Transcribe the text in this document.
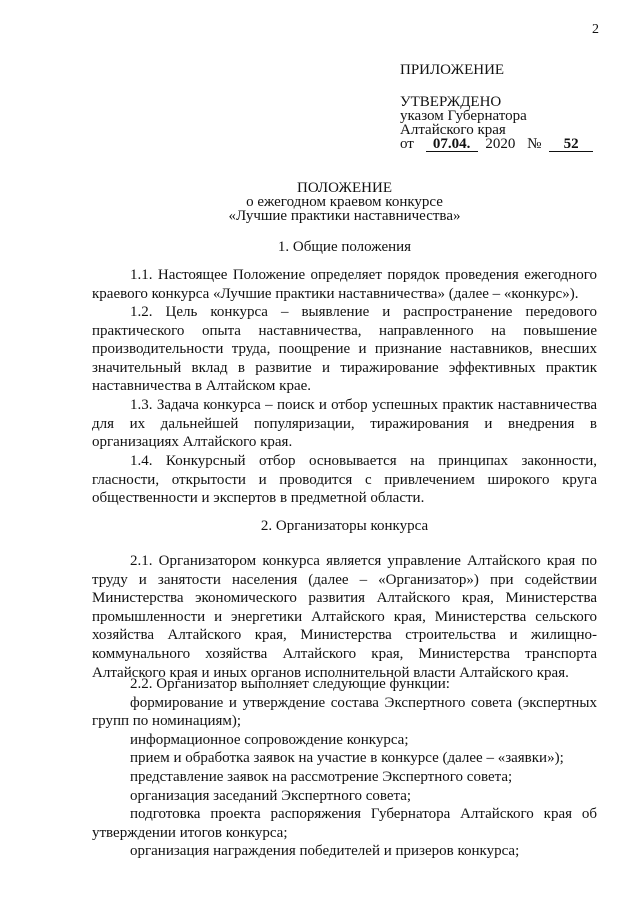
2
ПРИЛОЖЕНИЕ
УТВЕРЖДЕНО
указом Губернатора
Алтайского края
от 07.04. 2020 № 52
ПОЛОЖЕНИЕ
о ежегодном краевом конкурсе
«Лучшие практики наставничества»
1. Общие положения

1.1. Настоящее Положение определяет порядок проведения ежегодного краевого конкурса «Лучшие практики наставничества» (далее – «конкурс»).

1.2. Цель конкурса – выявление и распространение передового практического опыта наставничества, направленного на повышение производительности труда, поощрение и признание наставников, внесших значительный вклад в развитие и тиражирование эффективных практик наставничества в Алтайском крае.

1.3. Задача конкурса – поиск и отбор успешных практик наставничества для их дальнейшей популяризации, тиражирования и внедрения в организациях Алтайского края.

1.4. Конкурсный отбор основывается на принципах законности, гласности, открытости и проводится с привлечением широкого круга общественности и экспертов в предметной области.

2. Организаторы конкурса

2.1. Организатором конкурса является управление Алтайского края по труду и занятости населения (далее – «Организатор») при содействии Министерства экономического развития Алтайского края, Министерства промышленности и энергетики Алтайского края, Министерства сельского хозяйства Алтайского края, Министерства строительства и жилищно-коммунального хозяйства Алтайского края, Министерства транспорта Алтайского края и иных органов исполнительной власти Алтайского края.

2.2. Организатор выполняет следующие функции:
формирование и утверждение состава Экспертного совета (экспертных групп по номинациям);
информационное сопровождение конкурса;
прием и обработка заявок на участие в конкурсе (далее – «заявки»);
представление заявок на рассмотрение Экспертного совета;
организация заседаний Экспертного совета;
подготовка проекта распоряжения Губернатора Алтайского края об утверждении итогов конкурса;
организация награждения победителей и призеров конкурса;
